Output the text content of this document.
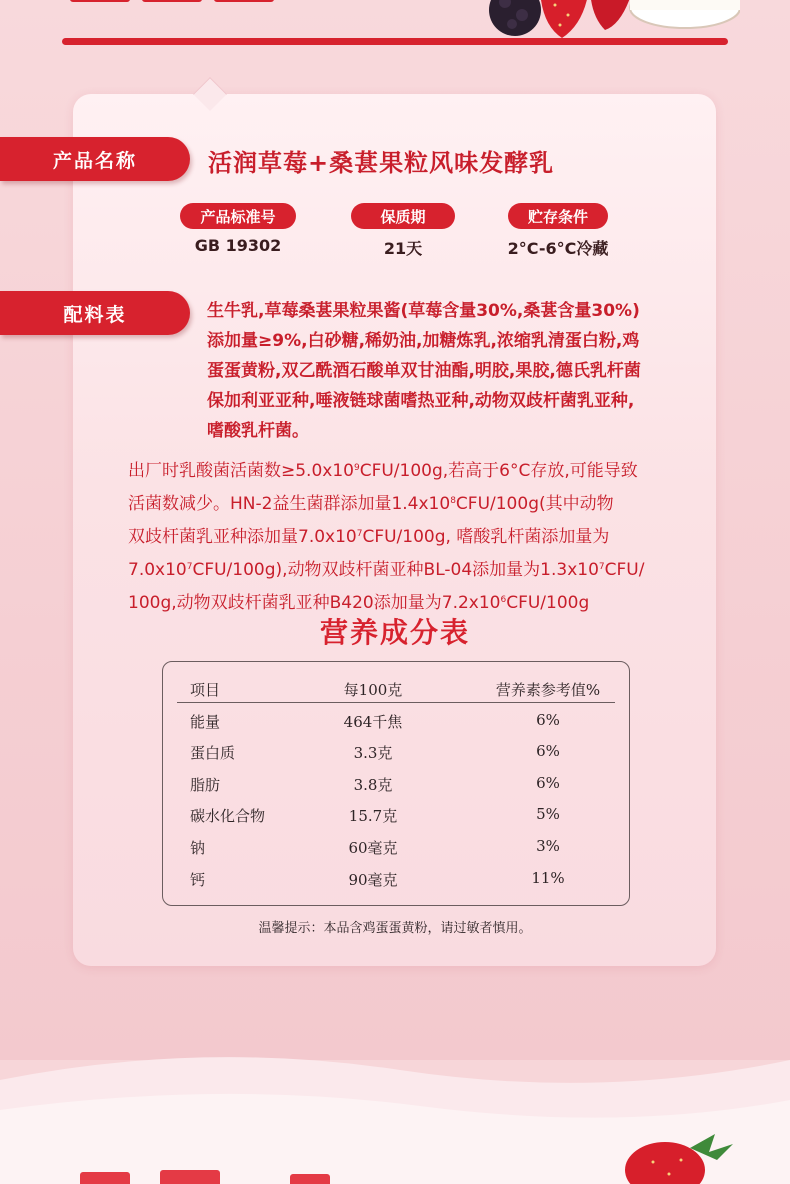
产品名称	活润草莓+桑葚果粒风味发酵乳
产品标准号
GB 19302
保质期
21天
贮存条件
2°C-6°C冷藏
配料表	生牛乳,草莓桑葚果粒果酱(草莓含量30%,桑葚含量30%)
添加量≥9%,白砂糖,稀奶油,加糖炼乳,浓缩乳清蛋白粉,鸡
蛋蛋黄粉,双乙酰酒石酸单双甘油酯,明胶,果胶,德氏乳杆菌
保加利亚亚种,唾液链球菌嗜热亚种,动物双歧杆菌乳亚种,
嗜酸乳杆菌。
出厂时乳酸菌活菌数$\ge 5.0x10^9CFU/100g$,若高于6°C存放,可能导致
活菌数减少。HN-2益生菌群添加量$1.4x10^8CFU/100g$(其中动物
双歧杆菌乳亚种添加量$7.0x10^7CFU/100g$, 嗜酸乳杆菌添加量为
$7.0x10^7CFU/100g$),动物双歧杆菌亚种BL-04添加量为$1.3x10^7CFU/$
100g,动物双歧杆菌乳亚种B420添加量为$7.2x10^6CFU/100g$
营养成分表
项目	每100克	营养素参考值%
能量	464千焦	6%
蛋白质	3.3克	6%
脂肪	3.8克	6%
碳水化合物	15.7克	5%
钠	60毫克	3%
钙	90毫克	11%
温馨提示：本品含鸡蛋蛋黄粉，请过敏者慎用。
